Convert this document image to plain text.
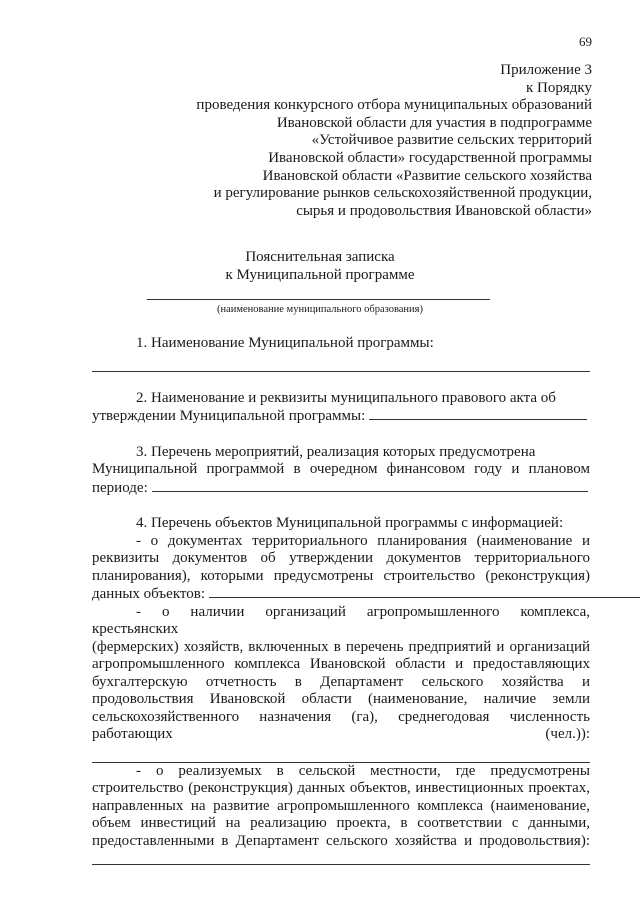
69
Приложение 3
к Порядку
проведения конкурсного отбора муниципальных образований
Ивановской области для участия в подпрограмме
«Устойчивое развитие сельских территорий
Ивановской области» государственной программы
Ивановской области «Развитие сельского хозяйства
и регулирование рынков сельскохозяйственной продукции,
сырья и продовольствия Ивановской области»
Пояснительная записка
к Муниципальной программе
(наименование муниципального образования)

1. Наименование Муниципальной программы:

2. Наименование и реквизиты муниципального правового акта об

утверждении Муниципальной программы:

3. Перечень мероприятий, реализация которых предусмотрена

Муниципальной программой в очередном финансовом году и плановом

периоде:

4. Перечень объектов Муниципальной программы с информацией:

- о документах территориального планирования (наименование и

реквизиты документов об утверждении документов территориального

планирования), которыми предусмотрены строительство (реконструкция)

данных объектов:

- о наличии организаций агропромышленного комплекса, крестьянских

(фермерских) хозяйств, включенных в перечень предприятий и организаций

агропромышленного комплекса Ивановской области и предоставляющих

бухгалтерскую отчетность в Департамент сельского хозяйства и

продовольствия Ивановской области (наименование, наличие земли

сельскохозяйственного назначения (га), среднегодовая численность

работающих	(чел.)):

- о реализуемых в сельской местности, где предусмотрены

строительство (реконструкция) данных объектов, инвестиционных проектах,

направленных на развитие агропромышленного комплекса (наименование,

объем инвестиций на реализацию проекта, в соответствии с данными,

предоставленными в Департамент сельского хозяйства и продовольствия):
